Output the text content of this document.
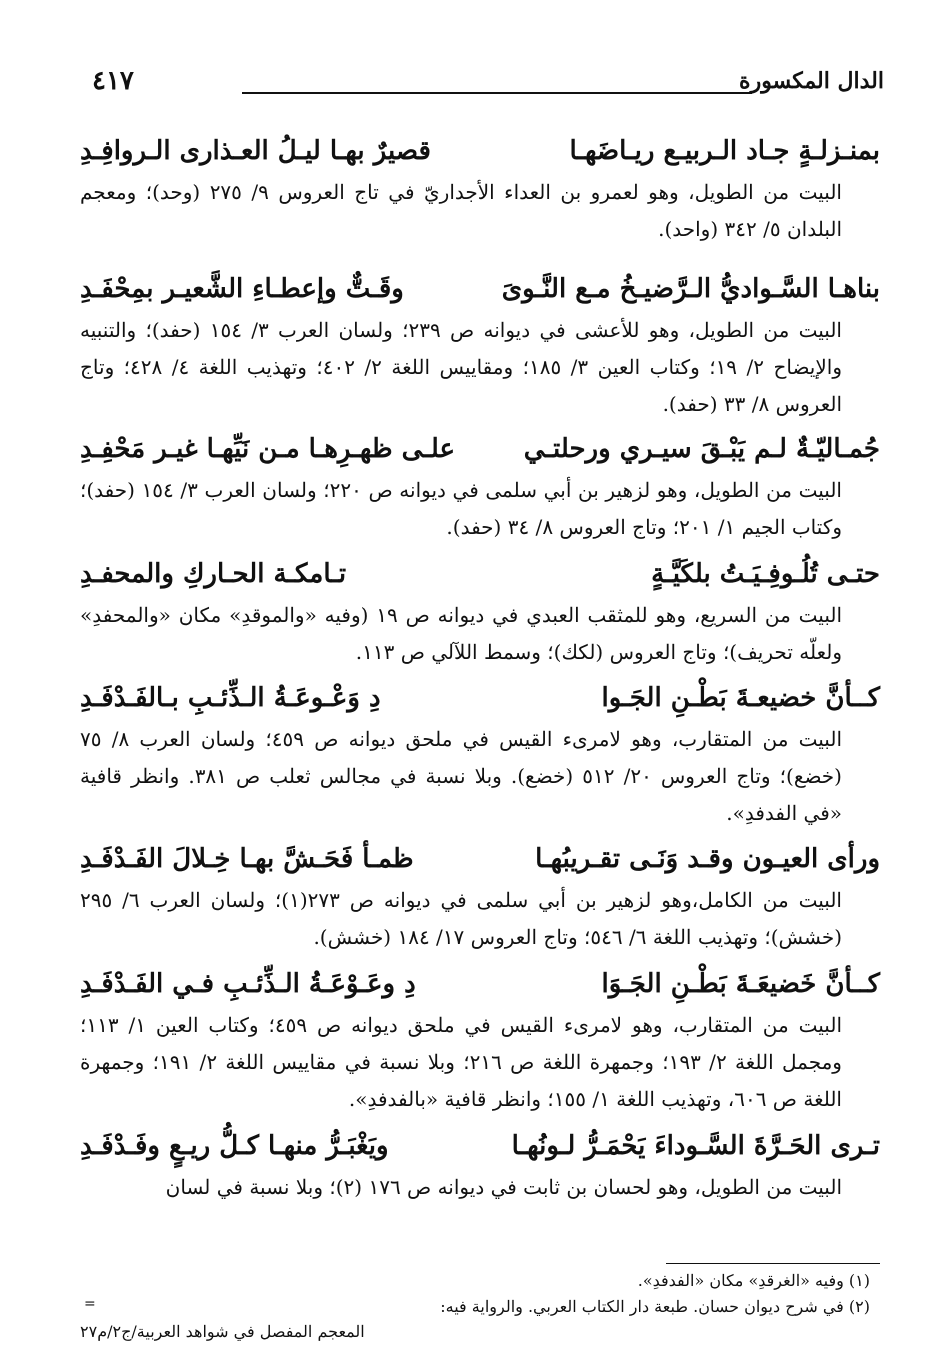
٤١٧	الدال المكسورة
بمنـزلـةٍ جـاد الـربيـع ريـاضَهـا
قصيرٌ بهـا ليـلُ العـذارى الـروافِـدِ
البيت من الطويل، وهو لعمرو بن العداء الأجداريّ في تاج العروس ٩/ ٢٧٥ (وحد)؛ ومعجم البلدان ٥/ ٣٤٢ (واحد).
بناهـا السَّـواديُّ الـرَّضيـخُ مـع النَّـوىَ
وقَـتٌّ وإعطـاءِ الشَّعيـر بمِحْفَـدِ
البيت من الطويل، وهو للأعشى في ديوانه ص ٢٣٩؛ ولسان العرب ٣/ ١٥٤ (حفد)؛ والتنبيه والإيضاح ٢/ ١٩؛ وكتاب العين ٣/ ١٨٥؛ ومقاييس اللغة ٢/ ٤٠٢؛ وتهذيب اللغة ٤/ ٤٢٨؛ وتاج العروس ٨/ ٣٣ (حفد).
جُمـاليّـةٌ لـم يَبْـقَ سيـري ورحلتـي
علـى ظهـرِهـا مـن نَيِّهـا غيـر مَحْفِـدِ
البيت من الطويل، وهو لزهير بن أبي سلمى في ديوانه ص ٢٢٠؛ ولسان العرب ٣/ ١٥٤ (حفد)؛ وكتاب الجيم ١/ ٢٠١؛ وتاج العروس ٨/ ٣٤ (حفد).
حتـى تُلُـوفِـيَـتُ بلكَيَّـةٍ
تـامكـة الحـاركِ والمحفـدِ
البيت من السريع، وهو للمثقب العبدي في ديوانه ص ١٩ (وفيه «والموقدِ» مكان «والمحفدِ» ولعلّه تحريف)؛ وتاج العروس (لكك)؛ وسمط اللآلي ص ١١٣.
كــأنَّ خضيعـةَ بَطْـنِ الجَـوا
دِ وَعْـوعَـةُ الـذِّئـبِ بـالفَـدْفَـدِ
البيت من المتقارب، وهو لامرىء القيس في ملحق ديوانه ص ٤٥٩؛ ولسان العرب ٨/ ٧٥ (خضع)؛ وتاج العروس ٢٠/ ٥١٢ (خضع). وبلا نسبة في مجالس ثعلب ص ٣٨١. وانظر قافية «في الفدفدِ».
ورأى العيـون وقـد وَنَـى تقـريبُهـا
ظمـأ فَحَـشَّ بهـا خِـلالَ الفَـدْفَـدِ
البيت من الكامل،وهو لزهير بن أبي سلمى في ديوانه ص ٢٧٣(١)؛ ولسان العرب ٦/ ٢٩٥ (خشش)؛ وتهذيب اللغة ٦/ ٥٤٦؛ وتاج العروس ١٧/ ١٨٤ (خشش).
كــأنَّ خَضيعَـةَ بَطْـنِ الجَـوَا
دِ وعَـوْعَـةُ الـذِّئـبِ فـي الفَـدْفَـدِ
البيت من المتقارب، وهو لامرىء القيس في ملحق ديوانه ص ٤٥٩؛ وكتاب العين ١/ ١١٣؛ ومجمل اللغة ٢/ ١٩٣؛ وجمهرة اللغة ص ٢١٦؛ وبلا نسبة في مقاييس اللغة ٢/ ١٩١؛ وجمهرة اللغة ص ٦٠٦، وتهذيب اللغة ١/ ١٥٥؛ وانظر قافية «بالفدفدِ».
تـرى الحَـرَّةَ السَّـوداءَ يَحْمَـرُّ لـونُهـا
ويَغْبَـرُّ منهـا كـلُّ ريـعٍ وفَـدْفَـدِ
البيت من الطويل، وهو لحسان بن ثابت في ديوانه ص ١٧٦ (٢)؛ وبلا نسبة في لسان
(١) وفيه «الغرقدِ» مكان «الفدفدِ».
(٢) في شرح ديوان حسان. طبعة دار الكتاب العربي. والرواية فيه:
=
المعجم المفصل في شواهد العربية/ج٢/م٢٧
